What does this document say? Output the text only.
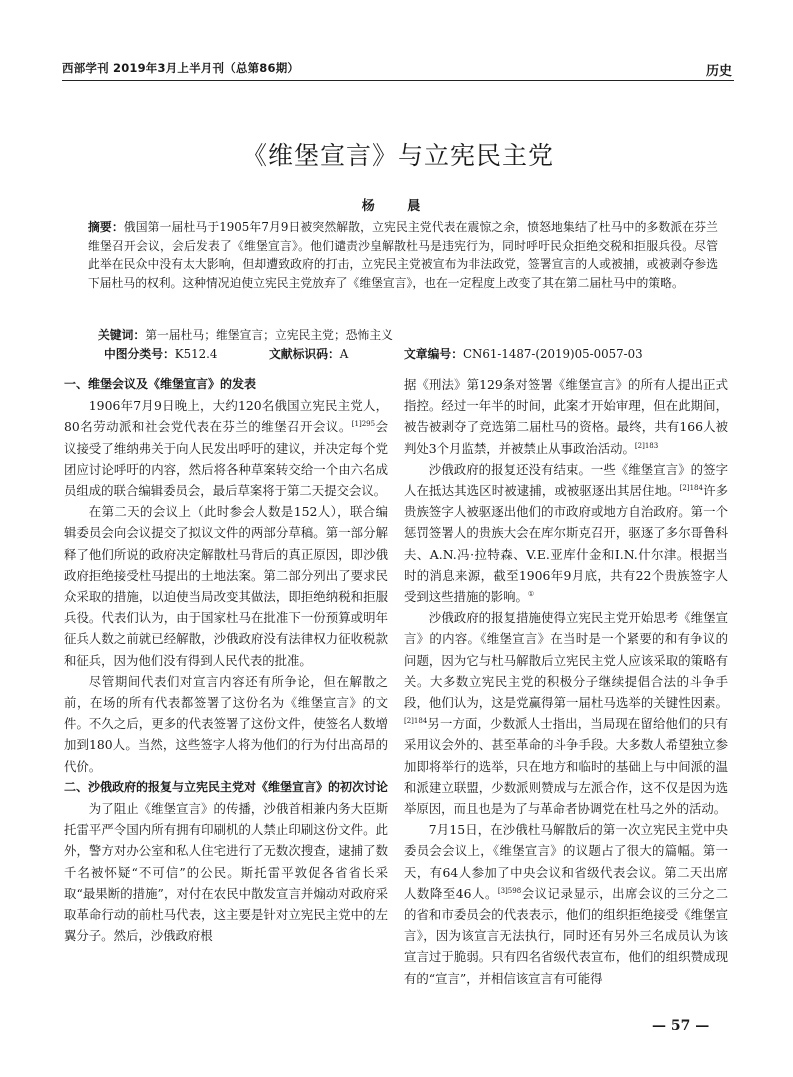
西部学刊 2019年3月上半月刊（总第86期）	历史
《维堡宣言》与立宪民主党
杨 晨
摘要：俄国第一届杜马于1905年7月9日被突然解散，立宪民主党代表在震惊之余，愤怒地集结了杜马中的多数派在芬兰维堡召开会议，会后发表了《维堡宣言》。他们谴责沙皇解散杜马是违宪行为，同时呼吁民众拒绝交税和拒服兵役。尽管此举在民众中没有太大影响，但却遭致政府的打击，立宪民主党被宣布为非法政党，签署宣言的人或被捕，或被剥夺参选下届杜马的权利。这种情况迫使立宪民主党放弃了《维堡宣言》，也在一定程度上改变了其在第二届杜马中的策略。
关键词：第一届杜马；维堡宣言；立宪民主党；恐怖主义
中图分类号：K512.4	文献标识码：A	文章编号：CN61-1487-(2019)05-0057-03
一、维堡会议及《维堡宣言》的发表

1906年7月9日晚上，大约120名俄国立宪民主党人，80名劳动派和社会党代表在芬兰的维堡召开会议。$^{[1]295}$会议接受了维纳弗关于向人民发出呼吁的建议，并决定每个党团应讨论呼吁的内容，然后将各种草案转交给一个由六名成员组成的联合编辑委员会，最后草案将于第二天提交会议。

在第二天的会议上（此时参会人数是152人），联合编辑委员会向会议提交了拟议文件的两部分草稿。第一部分解释了他们所说的政府决定解散杜马背后的真正原因，即沙俄政府拒绝接受杜马提出的土地法案。第二部分列出了要求民众采取的措施，以迫使当局改变其做法，即拒绝纳税和拒服兵役。代表们认为，由于国家杜马在批准下一份预算或明年征兵人数之前就已经解散，沙俄政府没有法律权力征收税款和征兵，因为他们没有得到人民代表的批准。

尽管期间代表们对宣言内容还有所争论，但在解散之前，在场的所有代表都签署了这份名为《维堡宣言》的文件。不久之后，更多的代表签署了这份文件，使签名人数增加到180人。当然，这些签字人将为他们的行为付出高昂的代价。

二、沙俄政府的报复与立宪民主党对《维堡宣言》的初次讨论

为了阻止《维堡宣言》的传播，沙俄首相兼内务大臣斯托雷平严令国内所有拥有印刷机的人禁止印刷这份文件。此外，警方对办公室和私人住宅进行了无数次搜查，逮捕了数千名被怀疑“不可信”的公民。斯托雷平敦促各省省长采取“最果断的措施”，对付在农民中散发宣言并煽动对政府采取革命行动的前杜马代表，这主要是针对立宪民主党中的左翼分子。然后，沙俄政府根

据《刑法》第129条对签署《维堡宣言》的所有人提出正式指控。经过一年半的时间，此案才开始审理，但在此期间，被告被剥夺了竞选第二届杜马的资格。最终，共有166人被判处3个月监禁，并被禁止从事政治活动。$^{[2]183}$

沙俄政府的报复还没有结束。一些《维堡宣言》的签字人在抵达其选区时被逮捕，或被驱逐出其居住地。$^{[2]184}$许多贵族签字人被驱逐出他们的市政府或地方自治政府。第一个惩罚签署人的贵族大会在库尔斯克召开，驱逐了多尔哥鲁科夫、A.N.冯·拉特森、V.E.亚库什金和I.N.什尔津。根据当时的消息来源，截至1906年9月底，共有22个贵族签字人受到这些措施的影响。①

沙俄政府的报复措施使得立宪民主党开始思考《维堡宣言》的内容。《维堡宣言》在当时是一个紧要的和有争议的问题，因为它与杜马解散后立宪民主党人应该采取的策略有关。大多数立宪民主党的积极分子继续提倡合法的斗争手段，他们认为，这是党赢得第一届杜马选举的关键性因素。$^{[2]184}$另一方面，少数派人士指出，当局现在留给他们的只有采用议会外的、甚至革命的斗争手段。大多数人希望独立参加即将举行的选举，只在地方和临时的基础上与中间派的温和派建立联盟，少数派则赞成与左派合作，这不仅是因为选举原因，而且也是为了与革命者协调党在杜马之外的活动。

7月15日，在沙俄杜马解散后的第一次立宪民主党中央委员会会议上，《维堡宣言》的议题占了很大的篇幅。第一天，有64人参加了中央会议和省级代表会议。第二天出席人数降至46人。$^{[3]598}$会议记录显示，出席会议的三分之二的省和市委员会的代表表示，他们的组织拒绝接受《维堡宣言》，因为该宣言无法执行，同时还有另外三名成员认为该宣言过于脆弱。只有四名省级代表宣布，他们的组织赞成现有的“宣言”，并相信该宣言有可能得

— 57 —
